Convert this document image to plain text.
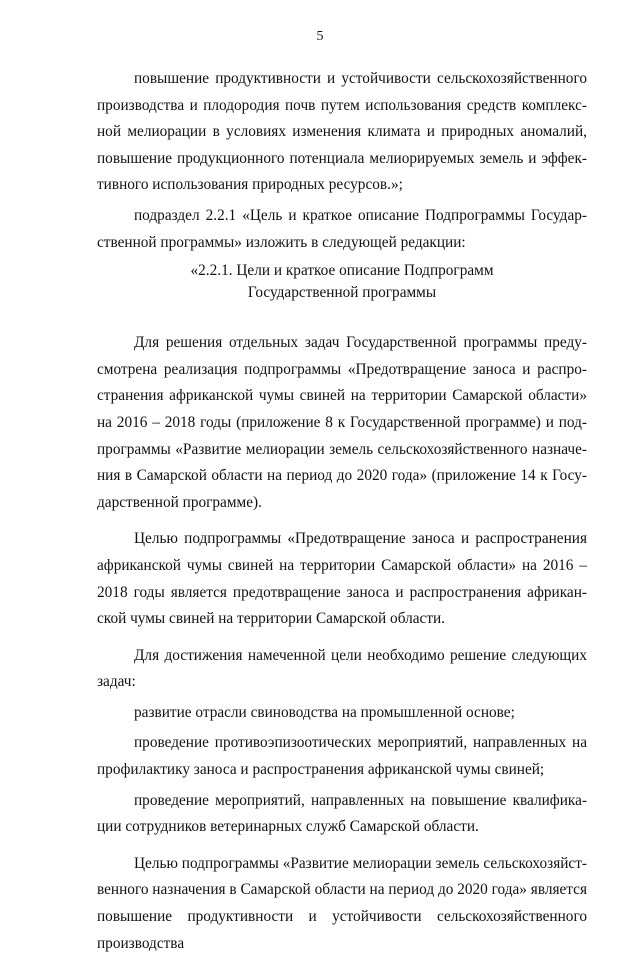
5

повышение продуктивности и устойчивости сельскохозяйственного производства и плодородия почв путем использования средств комплексной мелиорации в условиях изменения климата и природных аномалий, повышение продукционного потенциала мелиорируемых земель и эффективного использования природных ресурсов.»;

подраздел 2.2.1 «Цель и краткое описание Подпрограммы Государственной программы» изложить в следующей редакции:

«2.2.1. Цели и краткое описание Подпрограмм
Государственной программы

Для решения отдельных задач Государственной программы предусмотрена реализация подпрограммы «Предотвращение заноса и распространения африканской чумы свиней на территории Самарской области» на 2016 – 2018 годы (приложение 8 к Государственной программе) и подпрограммы «Развитие мелиорации земель сельскохозяйственного назначения в Самарской области на период до 2020 года» (приложение 14 к Государственной программе).

Целью подпрограммы «Предотвращение заноса и распространения африканской чумы свиней на территории Самарской области» на 2016 – 2018 годы является предотвращение заноса и распространения африканской чумы свиней на территории Самарской области.

Для достижения намеченной цели необходимо решение следующих задач:

развитие отрасли свиноводства на промышленной основе;

проведение противоэпизоотических мероприятий, направленных на профилактику заноса и распространения африканской чумы свиней;

проведение мероприятий, направленных на повышение квалификации сотрудников ветеринарных служб Самарской области.

Целью подпрограммы «Развитие мелиорации земель сельскохозяйственного назначения в Самарской области на период до 2020 года» является повышение продуктивности и устойчивости сельскохозяйственного производства
